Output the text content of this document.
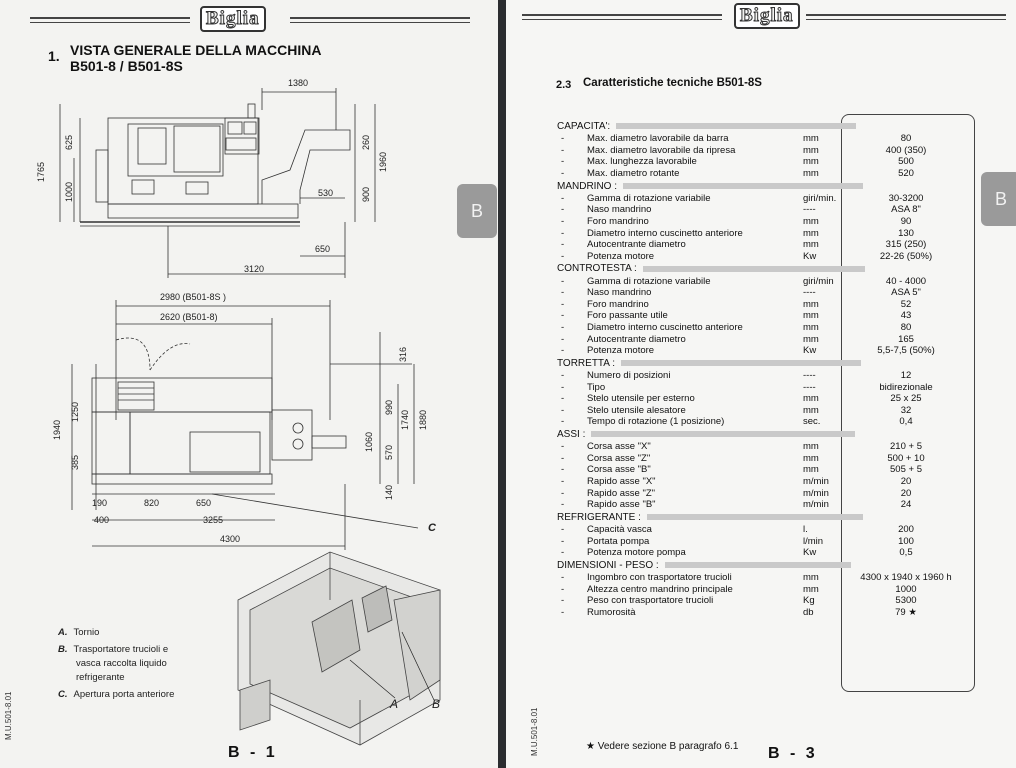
Biglia
1. VISTA GENERALE DELLA MACCHINA
B501-8 / B501-8S
B
1380
625
1765
1000
260
1960
530	900
650
3120
2980 (B501-8S )
2620 (B501-8)
316
1940
1250
385
990
1740 1880
1060
570
140
190	820	650
400	3255
4300
C
A	B
A. Tornio
B. Trasportatore trucioli e
vasca raccolta liquido
refrigerante
C. Apertura porta anteriore
M.U.501-8.01
B - 1
Biglia
2.3 Caratteristiche tecniche B501-8S
B
CAPACITA':
- Max. diametro lavorabile da barra	mm	80
- Max. diametro lavorabile da ripresa	mm	400 (350)
- Max. lunghezza lavorabile	mm	500
- Max. diametro rotante	mm	520
MANDRINO :
- Gamma di rotazione variabile	giri/min.	30-3200
- Naso mandrino	----	ASA 8"
- Foro mandrino	mm	90
- Diametro interno cuscinetto anteriore	mm	130
- Autocentrante diametro	mm	315 (250)
- Potenza motore	Kw	22-26 (50%)
CONTROTESTA :
- Gamma di rotazione variabile	giri/min	40 - 4000
- Naso mandrino	----	ASA 5"
- Foro mandrino	mm	52
- Foro passante utile	mm	43
- Diametro interno cuscinetto anteriore	mm	80
- Autocentrante diametro	mm	165
- Potenza motore	Kw	5,5-7,5 (50%)
TORRETTA :
- Numero di posizioni	----	12
- Tipo	----	bidirezionale
- Stelo utensile per esterno	mm	25 x 25
- Stelo utensile alesatore	mm	32
- Tempo di rotazione (1 posizione)	sec.	0,4
ASSI :
- Corsa asse "X"	mm	210 + 5
- Corsa asse "Z"	mm	500 + 10
- Corsa asse "B"	mm	505 + 5
- Rapido asse "X"	m/min	20
- Rapido asse "Z"	m/min	20
- Rapido asse "B"	m/min	24
REFRIGERANTE :
- Capacità vasca	l.	200
- Portata pompa	l/min	100
- Potenza motore pompa	Kw	0,5
DIMENSIONI - PESO :
- Ingombro con trasportatore trucioli	mm	4300 x 1940 x 1960 h
- Altezza centro mandrino principale	mm	1000
- Peso con trasportatore trucioli	Kg	5300
- Rumorosità	db	79 ★
M.U.501-8.01	★ Vedere sezione B paragrafo 6.1 B - 3
